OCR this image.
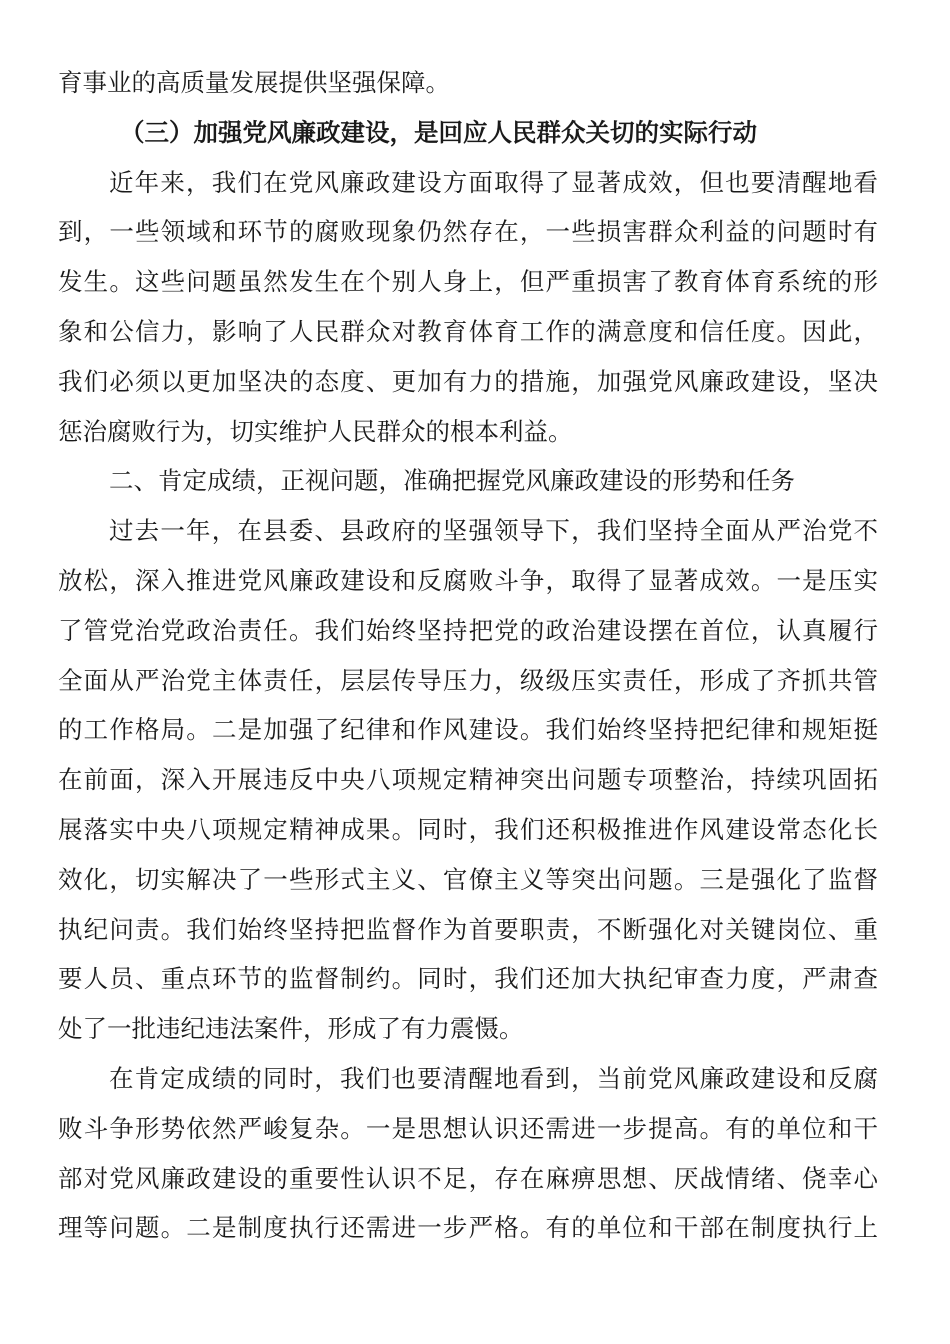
育事业的高质量发展提供坚强保障。
（三）加强党风廉政建设，是回应人民群众关切的实际行动
近年来，我们在党风廉政建设方面取得了显著成效，但也要清醒地看
到，一些领域和环节的腐败现象仍然存在，一些损害群众利益的问题时有
发生。这些问题虽然发生在个别人身上，但严重损害了教育体育系统的形
象和公信力，影响了人民群众对教育体育工作的满意度和信任度。因此，
我们必须以更加坚决的态度、更加有力的措施，加强党风廉政建设，坚决
惩治腐败行为，切实维护人民群众的根本利益。
二、肯定成绩，正视问题，准确把握党风廉政建设的形势和任务
过去一年，在县委、县政府的坚强领导下，我们坚持全面从严治党不
放松，深入推进党风廉政建设和反腐败斗争，取得了显著成效。一是压实
了管党治党政治责任。我们始终坚持把党的政治建设摆在首位，认真履行
全面从严治党主体责任，层层传导压力，级级压实责任，形成了齐抓共管
的工作格局。二是加强了纪律和作风建设。我们始终坚持把纪律和规矩挺
在前面，深入开展违反中央八项规定精神突出问题专项整治，持续巩固拓
展落实中央八项规定精神成果。同时，我们还积极推进作风建设常态化长
效化，切实解决了一些形式主义、官僚主义等突出问题。三是强化了监督
执纪问责。我们始终坚持把监督作为首要职责，不断强化对关键岗位、重
要人员、重点环节的监督制约。同时，我们还加大执纪审查力度，严肃查
处了一批违纪违法案件，形成了有力震慑。
在肯定成绩的同时，我们也要清醒地看到，当前党风廉政建设和反腐
败斗争形势依然严峻复杂。一是思想认识还需进一步提高。有的单位和干
部对党风廉政建设的重要性认识不足，存在麻痹思想、厌战情绪、侥幸心
理等问题。二是制度执行还需进一步严格。有的单位和干部在制度执行上
